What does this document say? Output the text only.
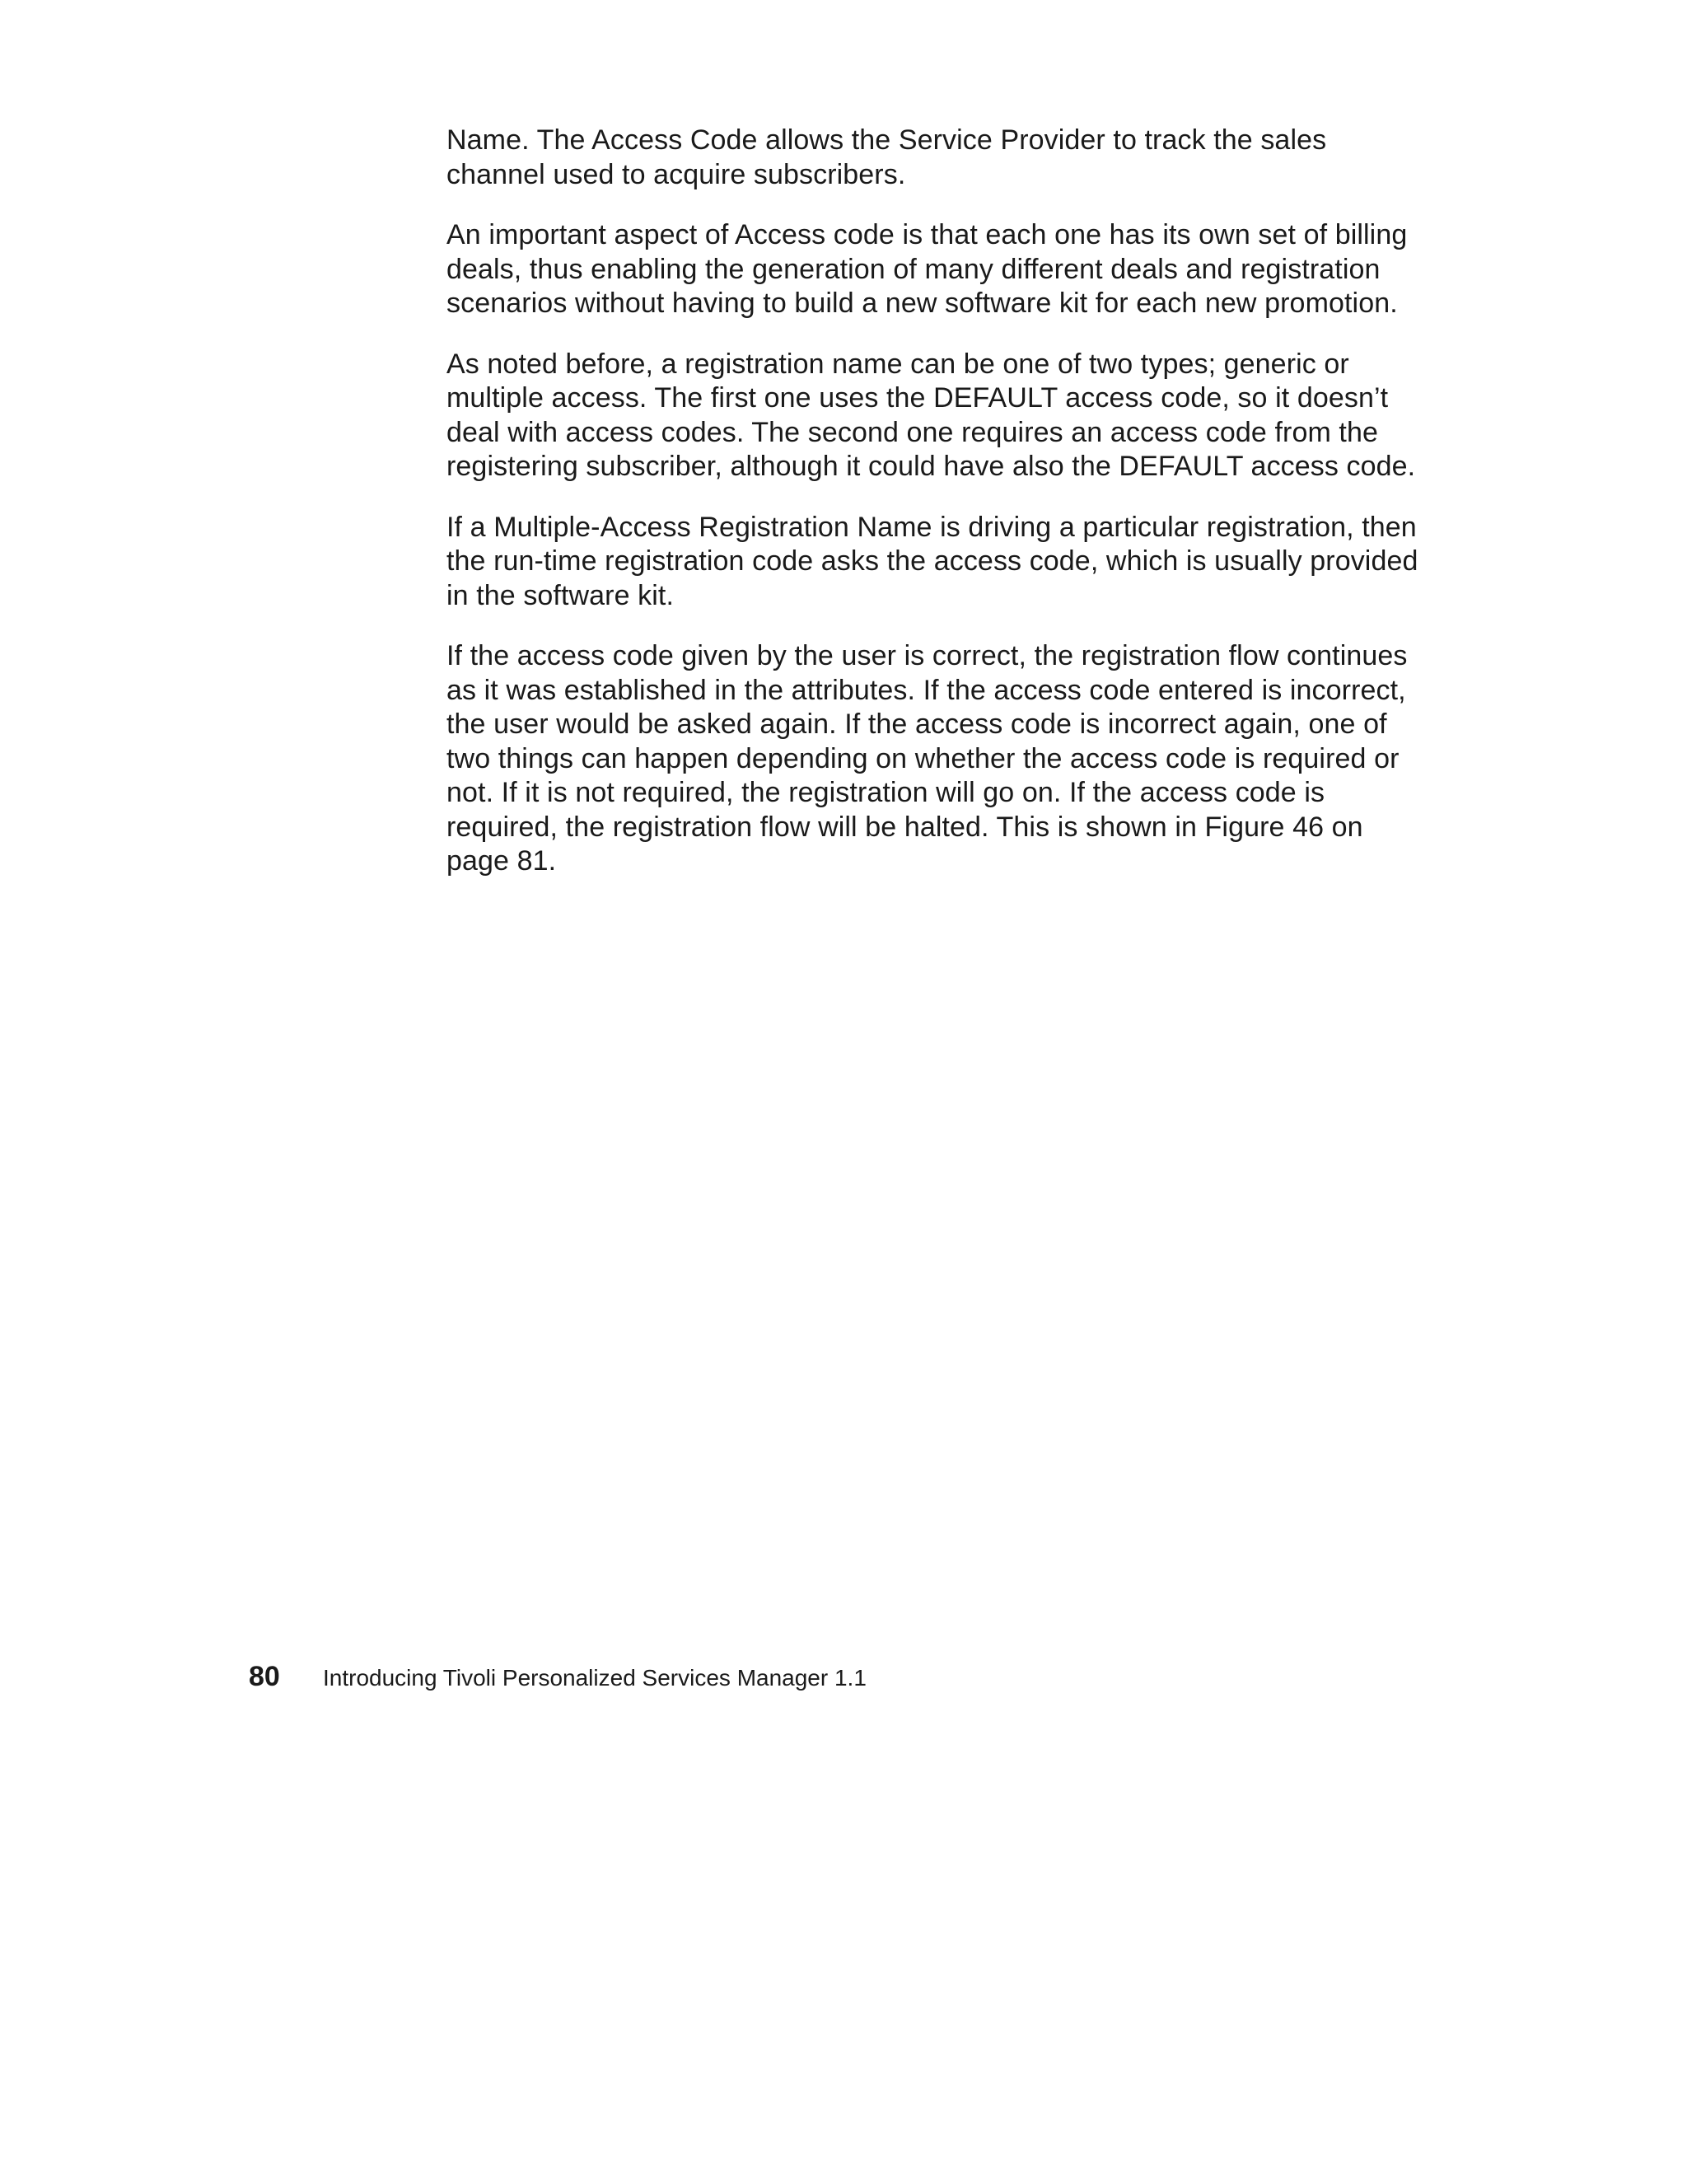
Name. The Access Code allows the Service Provider to track the sales channel used to acquire subscribers.

An important aspect of Access code is that each one has its own set of billing deals, thus enabling the generation of many different deals and registration scenarios without having to build a new software kit for each new promotion.

As noted before, a registration name can be one of two types; generic or multiple access. The first one uses the DEFAULT access code, so it doesn’t deal with access codes. The second one requires an access code from the registering subscriber, although it could have also the DEFAULT access code.

If a Multiple-Access Registration Name is driving a particular registration, then the run-time registration code asks the access code, which is usually provided in the software kit.

If the access code given by the user is correct, the registration flow continues as it was established in the attributes. If the access code entered is incorrect, the user would be asked again. If the access code is incorrect again, one of two things can happen depending on whether the access code is required or not. If it is not required, the registration will go on. If the access code is required, the registration flow will be halted. This is shown in Figure 46 on page 81.

80	Introducing Tivoli Personalized Services Manager 1.1
